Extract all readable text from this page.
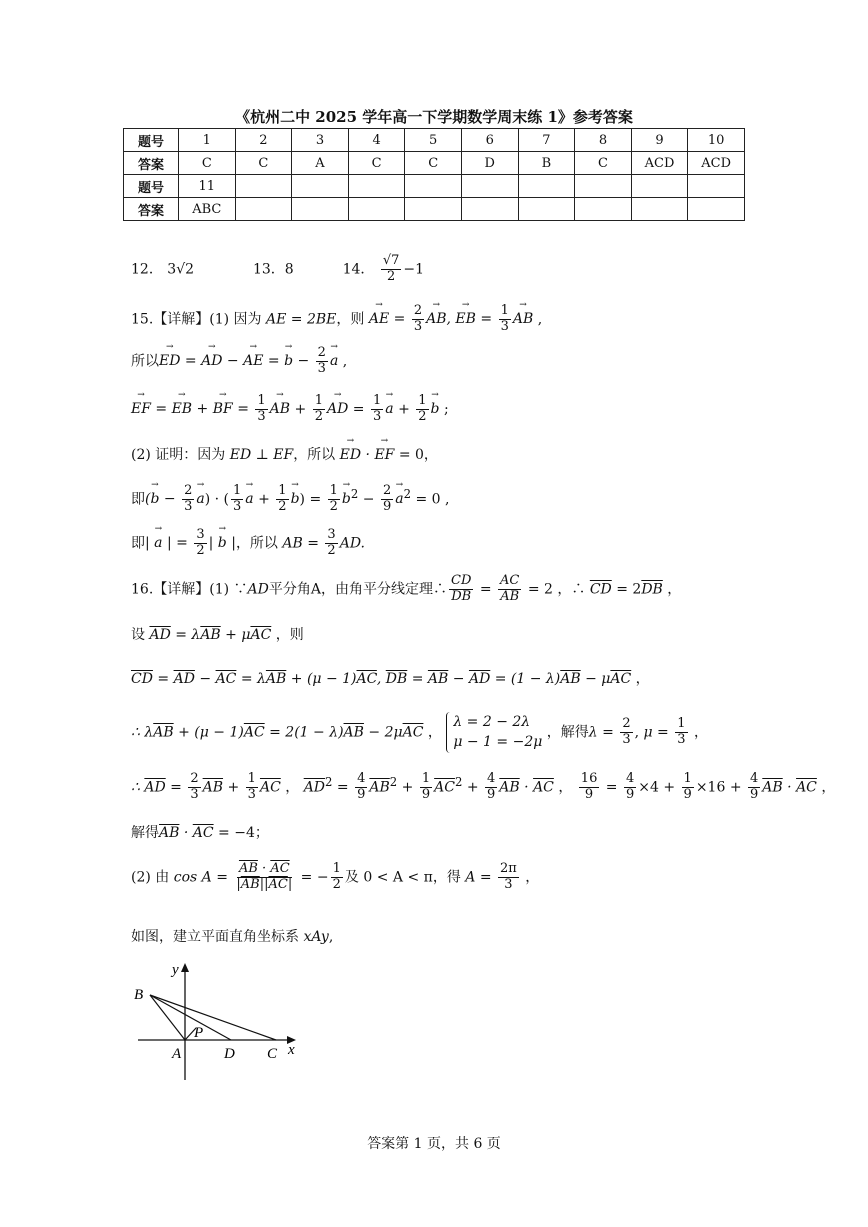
《杭州二中 2025 学年高一下学期数学周末练 1》参考答案
题号	1	2	3	4	5	6	7	8	9	10
答案	C	C	A	C	C	D	B	C	ACD	ACD
题号	11									
答案	ABC									
12． 3√2	13．8	14． $\frac{√7}{2} -1$
15.【详解】(1) 因为 AE = 2BE，则 → AE = $\frac{2}{3}$ → AB, → EB = $\frac{1}{3}$ → AB ,
所以→ ED = → AD − → AE = → $b - \frac{2}{3} \to a$ ,
→ EF = → EB + → BF = $\frac{1}{3}$ → AB + $\frac{1}{2}$ → AD = $\frac{1}{3} \to a + \frac{1}{2} \to b$ ;
(2) 证明：因为 ED ⊥ EF，所以 → ED · → EF = 0，
即(→ $b - \frac{2}{3} \to a$) · ( $\frac{1}{3} \to a + \frac{1}{2} \to b) = \frac{1}{2} \to b^2 - \frac{2}{9} \to a^2 = 0$ ,
即| → a | = $\frac{3}{2}$ | → b |，所以 AB = $\frac{3}{2}$ AD.
16.【详解】(1) ∵AD平分角A，由角平分线定理∴ $\frac{CD}{DB} = \frac{AC}{AB} = 2$ ，∴ $\overline{CD} = 2\overline{DB}$ ，
设 $\overline{AD} = \lambda\overline{AB} + \mu\overline{AC}$ ，则
$\overline{CD} = \overline{AD} - \overline{AC} = \lambda\overline{AB} + (\mu - 1)\overline{AC}$, $\overline{DB} = \overline{AB} - \overline{AD} = (1 - \lambda)\overline{AB} - \mu\overline{AC}$ ，
∴ $\lambda\overline{AB} + (\mu - 1)\overline{AC} = 2(1 - \lambda)\overline{AB} - 2\mu\overline{AC}$ ，
λ = 2 − 2λ
μ − 1 = −2μ
，解得$\lambda = \frac{2}{3}$ , $\mu = \frac{1}{3}$ ，
∴ $\overline{AD} = \frac{2}{3} \overline{AB} + \frac{1}{3} \overline{AC}$ ， $\overline{AD}^2 = \frac{4}{9} \overline{AB}^2 + \frac{1}{9} \overline{AC}^2 + \frac{4}{9} \overline{AB} \cdot \overline{AC}$ ， $\frac{16}{9} = \frac{4}{9} \times 4 + \frac{1}{9} \times 16 + \frac{4}{9} \overline{AB} \cdot \overline{AC}$ ，
解得$\overline{AB} \cdot \overline{AC} = -4$；
(2) 由 $\cos A = \frac{\overline{AB} \cdot \overline{AC}}{|\overline{AB}||\overline{AC}|}$ = − $\frac{1}{2}$ 及 0 < A < π，得 $A = \frac{2\pi}{3}$ ，
如图，建立平面直角坐标系 xAy,
y
B
P
A	D C x
答案第 1 页，共 6 页
